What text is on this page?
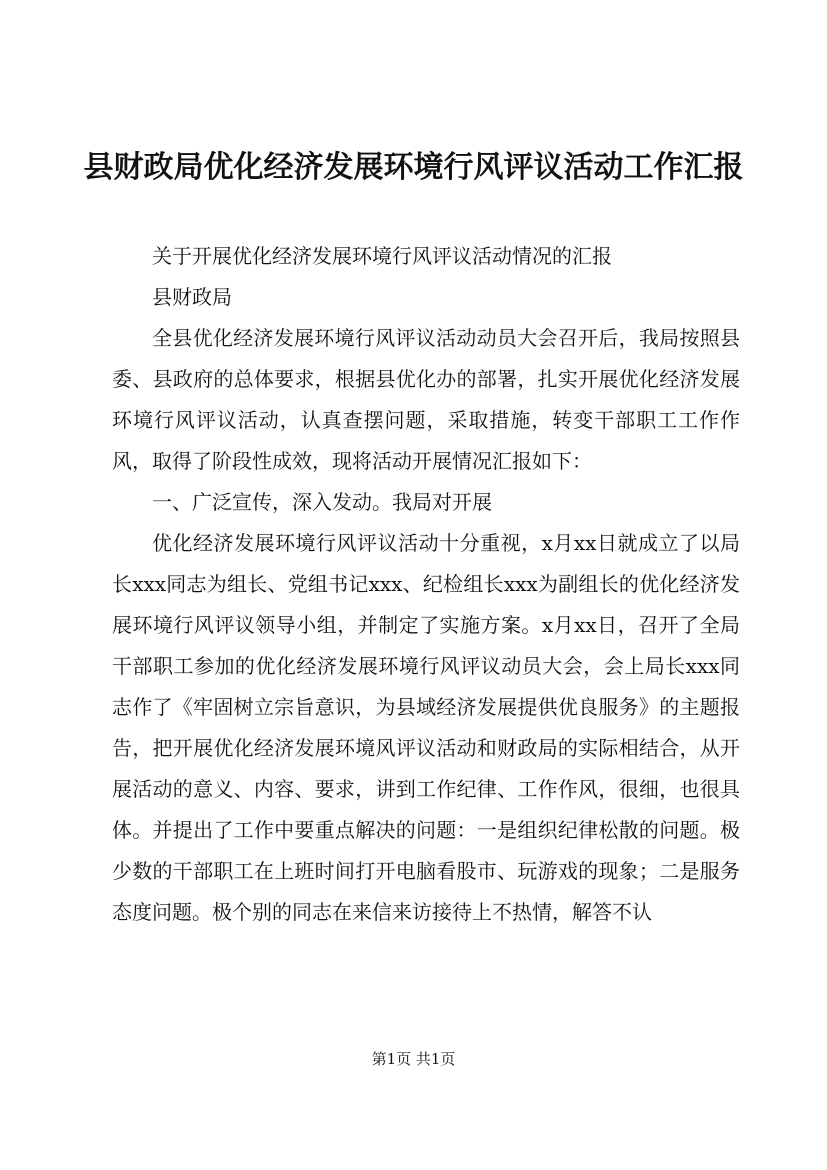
县财政局优化经济发展环境行风评议活动工作汇报

关于开展优化经济发展环境行风评议活动情况的汇报

县财政局

全县优化经济发展环境行风评议活动动员大会召开后，我局按照县委、县政府的总体要求，根据县优化办的部署，扎实开展优化经济发展环境行风评议活动，认真查摆问题，采取措施，转变干部职工工作作风，取得了阶段性成效，现将活动开展情况汇报如下：

一、广泛宣传，深入发动。我局对开展

优化经济发展环境行风评议活动十分重视，x月xx日就成立了以局长xxx同志为组长、党组书记xxx、纪检组长xxx为副组长的优化经济发展环境行风评议领导小组，并制定了实施方案。x月xx日，召开了全局干部职工参加的优化经济发展环境行风评议动员大会，会上局长xxx同志作了《牢固树立宗旨意识，为县域经济发展提供优良服务》的主题报告，把开展优化经济发展环境风评议活动和财政局的实际相结合，从开展活动的意义、内容、要求，讲到工作纪律、工作作风，很细，也很具体。并提出了工作中要重点解决的问题：一是组织纪律松散的问题。极少数的干部职工在上班时间打开电脑看股市、玩游戏的现象；二是服务态度问题。极个别的同志在来信来访接待上不热情，解答不认

第1页 共1页
